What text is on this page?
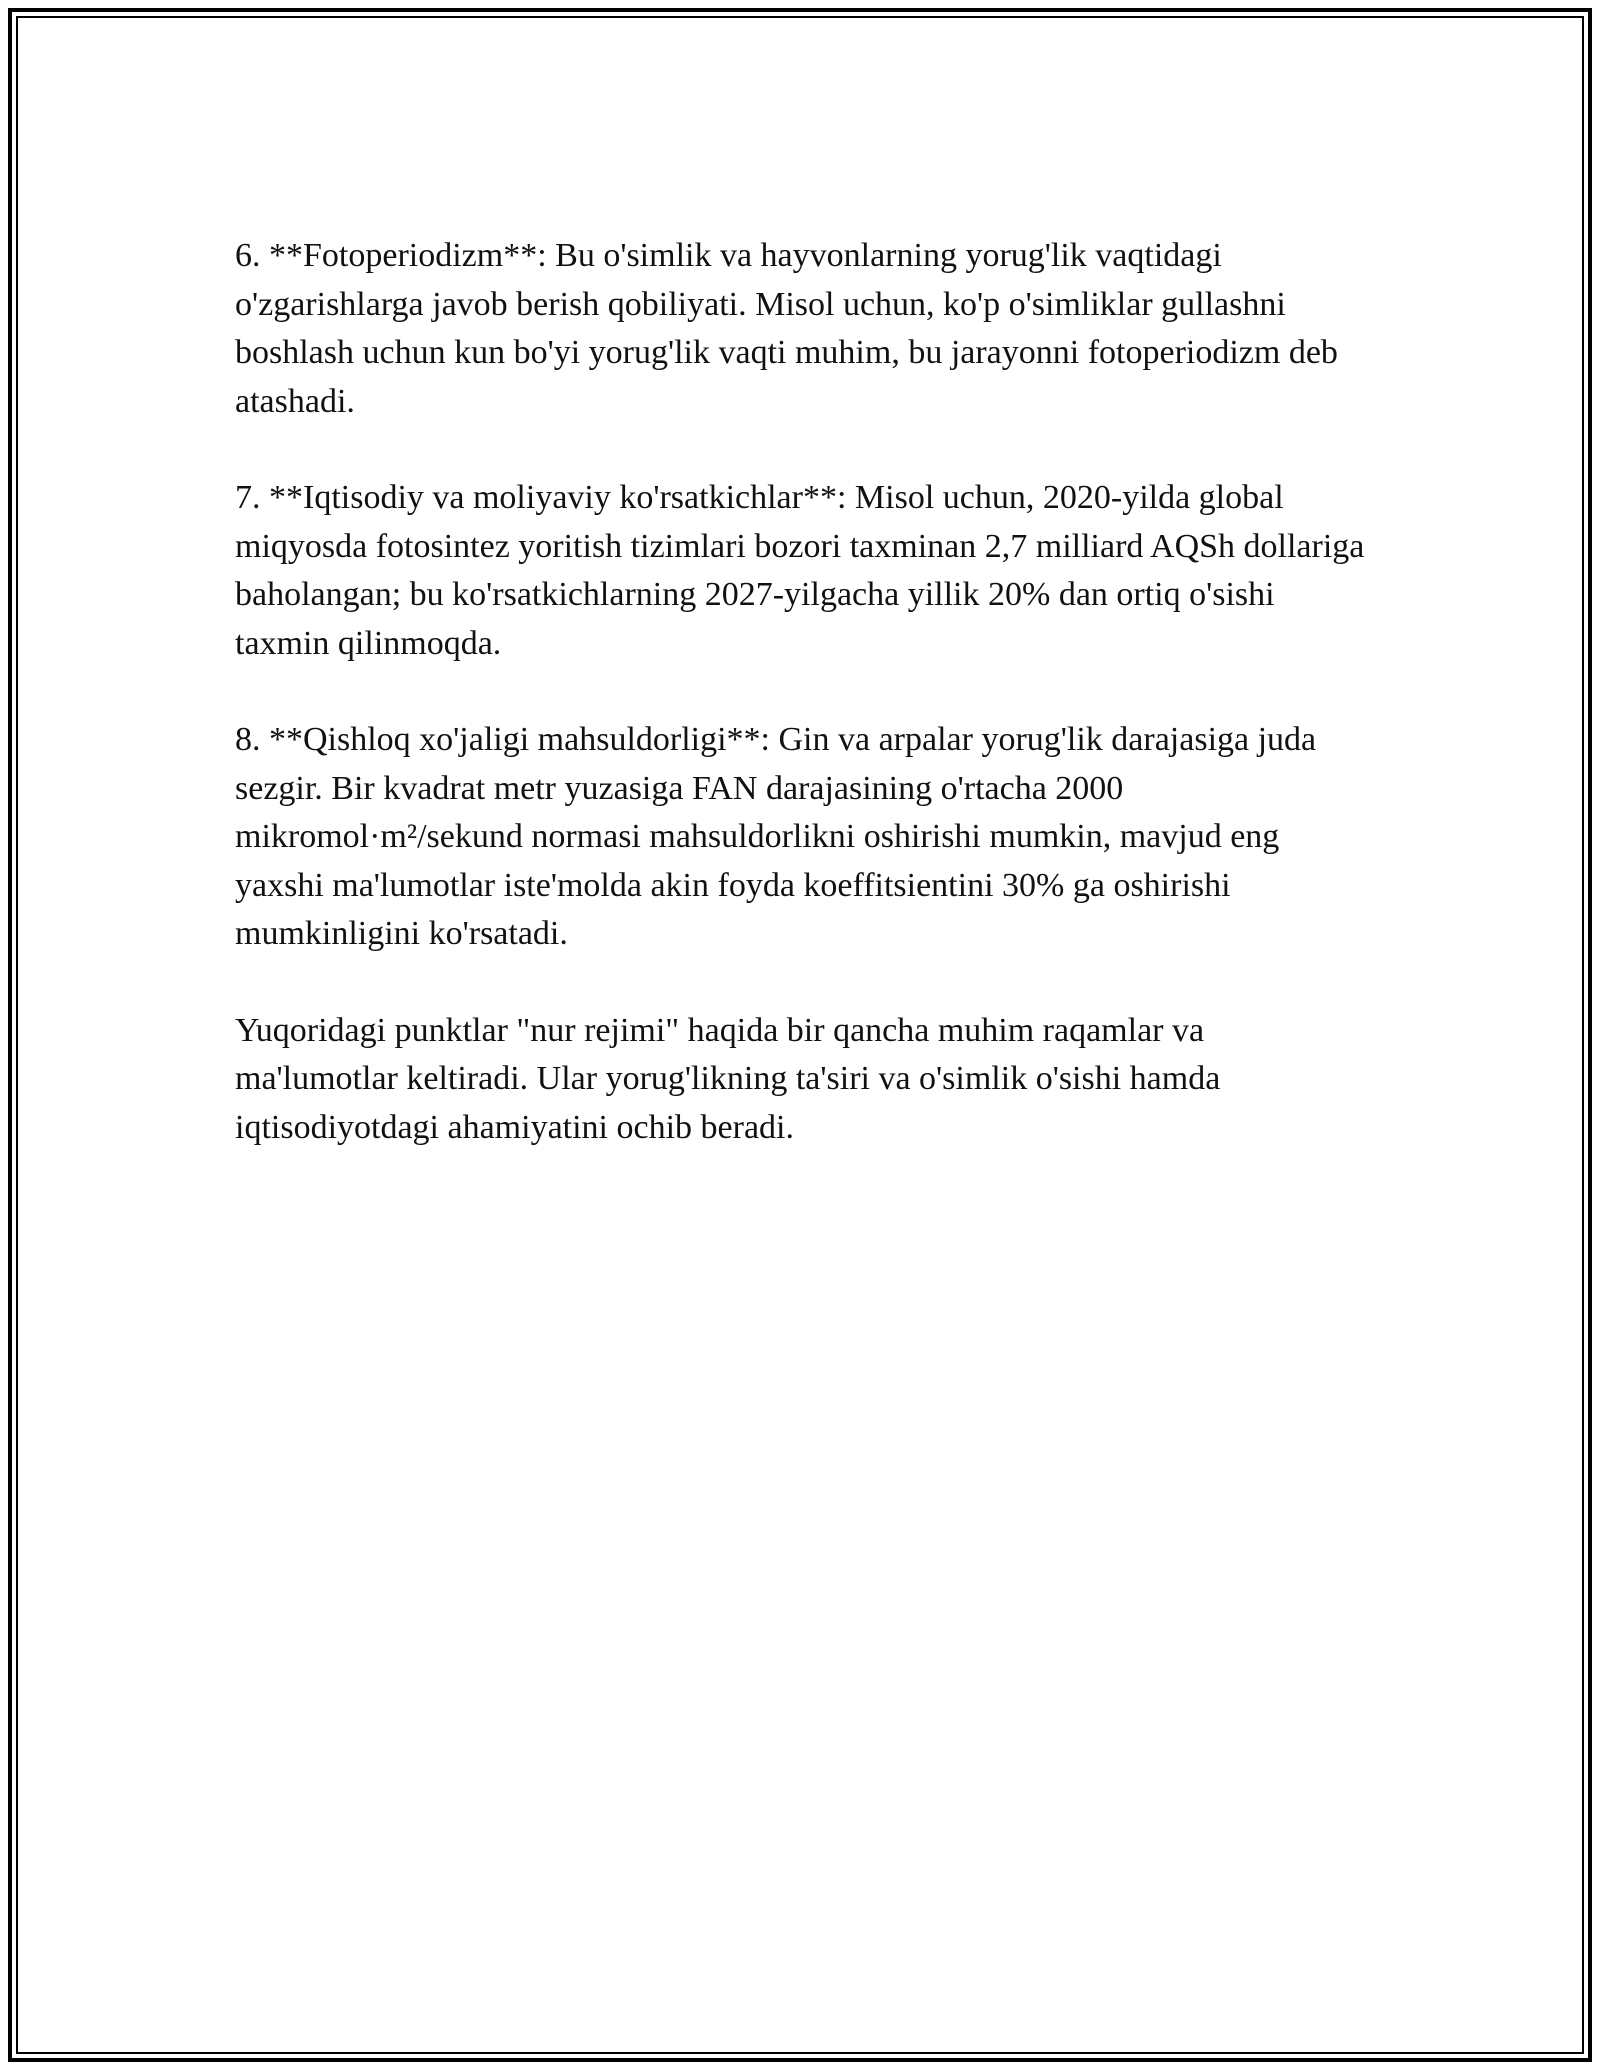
6. **Fotoperiodizm**: Bu o'simlik va hayvonlarning yorug'lik vaqtidagi o'zgarishlarga javob berish qobiliyati. Misol uchun, ko'p o'simliklar gullashni boshlash uchun kun bo'yi yorug'lik vaqti muhim, bu jarayonni fotoperiodizm deb atashadi.

7. **Iqtisodiy va moliyaviy ko'rsatkichlar**: Misol uchun, 2020-yilda global miqyosda fotosintez yoritish tizimlari bozori taxminan 2,7 milliard AQSh dollariga baholangan; bu ko'rsatkichlarning 2027-yilgacha yillik 20% dan ortiq o'sishi taxmin qilinmoqda.

8. **Qishloq xo'jaligi mahsuldorligi**: Gin va arpalar yorug'lik darajasiga juda sezgir. Bir kvadrat metr yuzasiga FAN darajasining o'rtacha 2000 mikromol·m²/sekund normasi mahsuldorlikni oshirishi mumkin, mavjud eng yaxshi ma'lumotlar iste'molda akin foyda koeffitsientini 30% ga oshirishi mumkinligini ko'rsatadi.

Yuqoridagi punktlar "nur rejimi" haqida bir qancha muhim raqamlar va ma'lumotlar keltiradi. Ular yorug'likning ta'siri va o'simlik o'sishi hamda iqtisodiyotdagi ahamiyatini ochib beradi.
